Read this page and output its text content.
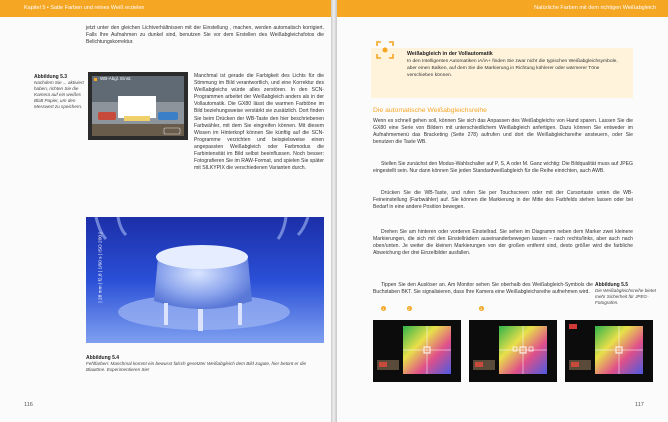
Kapitel 5 • Satte Farben und reines Weiß erzielen

jetzt unter den gleichen Lichtverhältnissen mit der Einstellung , machen, werden automatisch korrigiert. Falls Ihre Aufnahmen zu dunkel sind, benutzen Sie vor dem Erstellen des Weißabgleichsfotos die Belichtungskorrektur.

Abbildung 5.3
Nachdem Sie ... aktiviert haben, richten Sie die Kamera auf ein weißes Blatt Papier, um den Messwert zu speichern.
WB-Abgl. Einst.	Manchmal ist gerade die Farbigkeit des Lichts für die Stimmung im Bild verantwortlich, und eine Korrektur des Weißabgleichs würde alles zerstören. In den SCN-Programmen arbeitet der Weißabgleich anders als in der Vollautomatik. Die GX80 lässt die warmen Farbtöne im Bild beziehungsweise verstärkt sie zusätzlich. Dort finden Sie beim Drücken der WB-Taste den hier beschriebenen Farbwähler, mit dem Sie eingreifen können. Mit diesem Wissen im Hinterkopf können Sie künftig auf die SCN-Programme verzichten und beispielsweise einen angepassten Weißabgleich oder Farbmodus die Farbintensität im Bild selbst beeinflussen. Noch besser: Fotografieren Sie im RAW-Format, und spielen Sie später mit SILKYPIX die verschiedenen Varianten durch.

| 28 mm | f2,8 | 1/60 s | ISO 200 |
Abbildung 5.4
Fehlfarben: Manchmal kommt ein bewusst falsch gesetzter Weißabgleich dem Bild zugute, hier betont er die Blautöne. Experimentieren Sie!
116
Natürliche Farben mit dem richtigen Weißabgleich
Weißabgleich in der Vollautomatik

In den Intelligenten Automatiken iA/iA+ finden Sie zwar nicht die typischen Weißabgleichsymbole, aber einen Balken, auf dem Sie die Markierung in Richtung kühlerer oder wärmerer Töne verschieben können.

Die automatische Weißabgleichsreihe

Wenn es schnell gehen soll, können Sie sich das Anpassen des Weißabgleichs von Hand sparen. Lassen Sie die GX80 eine Serie von Bildern mit unterschiedlichem Weißabgleich anfertigen. Dazu können Sie entweder im Aufnahmemenü das Bracketing (Seite 278) aufrufen und dort die Weißabgleichsreihe ansteuern, oder Sie benutzen die Taste WB.

Stellen Sie zunächst den Modus-Wahlschalter auf P, S, A oder M. Ganz wichtig: Die Bildqualität muss auf JPEG eingestellt sein. Nur dann können Sie jeden Standardweißabgleich für die Reihe einrichten, auch AWB.

Drücken Sie die WB-Taste, und rufen Sie per Touchscreen oder mit der Cursortaste unten die WB-Feineinstellung (Farbwähler) auf. Sie können die Markierung in der Mitte des Farbfelds stehen lassen oder bei Bedarf in eine andere Position bewegen.

Drehen Sie am hinteren oder vorderen Einstellrad. Sie sehen im Diagramm neben dem Marker zwei kleinere Markierungen, die sich mit den Einstellrädern auseinanderbewegen lassen – nach rechts/links, aber auch nach oben/unten. Je weiter die kleinen Markierungen von der großen entfernt sind, desto größer wird die farbliche Abweichung der drei Einzelbilder ausfallen.

Tippen Sie den Auslöser an. Am Monitor sehen Sie oberhalb des Weißabgleich-Symbols die Buchstaben BKT. Sie signalisieren, dass Ihre Kamera eine Weißabgleichsreihe aufnehmen wird.

Abbildung 5.5
Die Weißabgleichsreihe bietet mehr Sicherheit für JPEG-Fotografen.
1	2	3
117
